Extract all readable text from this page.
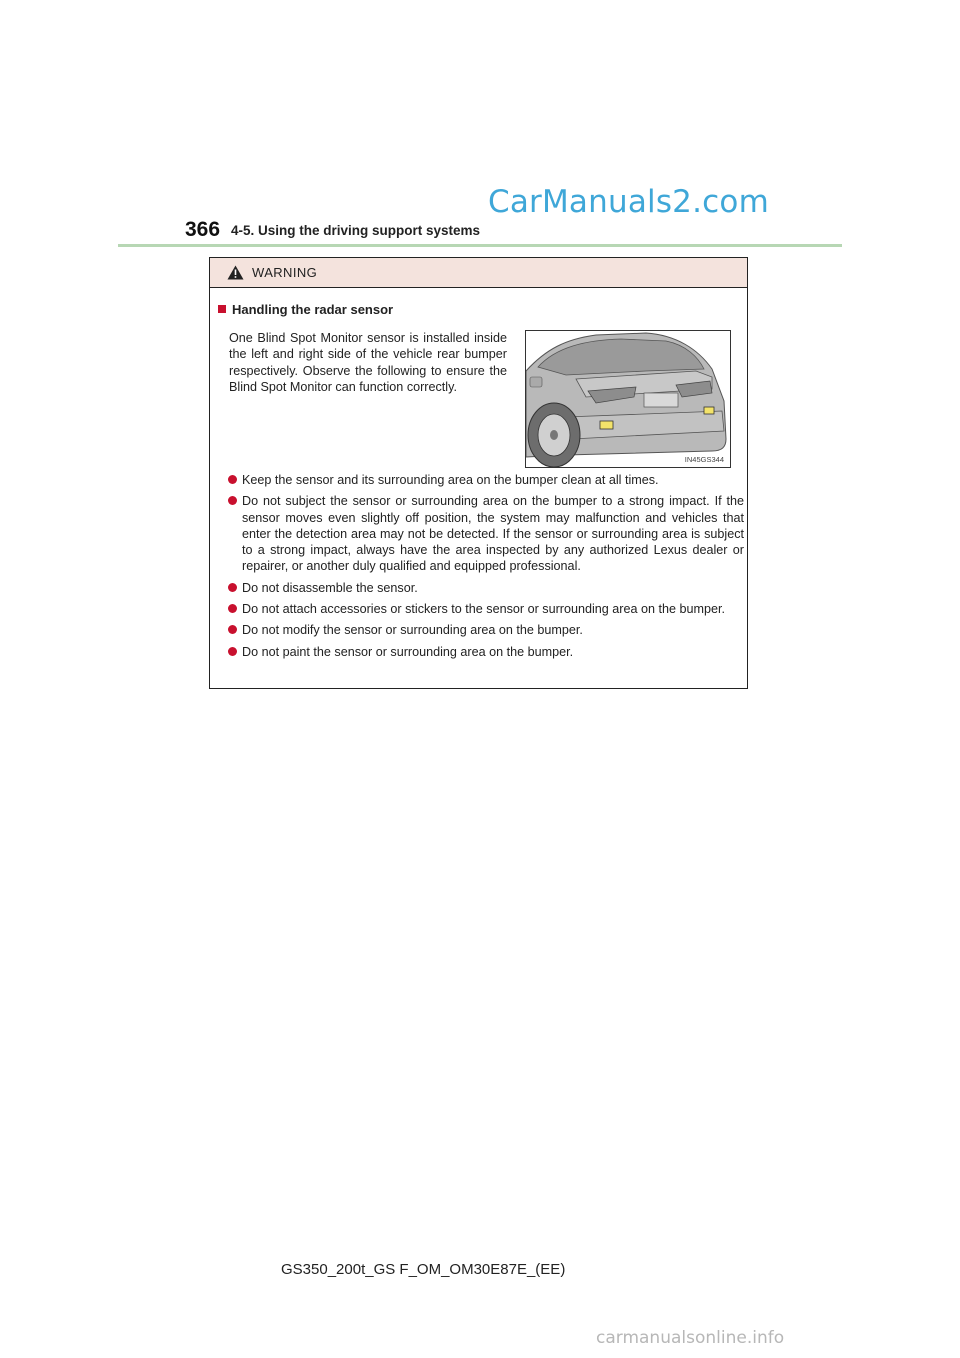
CarManuals2.com
366 4-5. Using the driving support systems
WARNING
Handling the radar sensor
One Blind Spot Monitor sensor is installed inside the left and right side of the vehicle rear bumper respectively. Observe the following to ensure the Blind Spot Monitor can function correctly.
IN45GS344
Keep the sensor and its surrounding area on the bumper clean at all times.
Do not subject the sensor or surrounding area on the bumper to a strong impact. If the sensor moves even slightly off position, the system may malfunction and vehicles that enter the detection area may not be detected. If the sensor or surrounding area is subject to a strong impact, always have the area inspected by any authorized Lexus dealer or repairer, or another duly qualified and equipped professional.
Do not disassemble the sensor.
Do not attach accessories or stickers to the sensor or surrounding area on the bumper.
Do not modify the sensor or surrounding area on the bumper.
Do not paint the sensor or surrounding area on the bumper.
GS350_200t_GS F_OM_OM30E87E_(EE)
carmanualsonline.info
